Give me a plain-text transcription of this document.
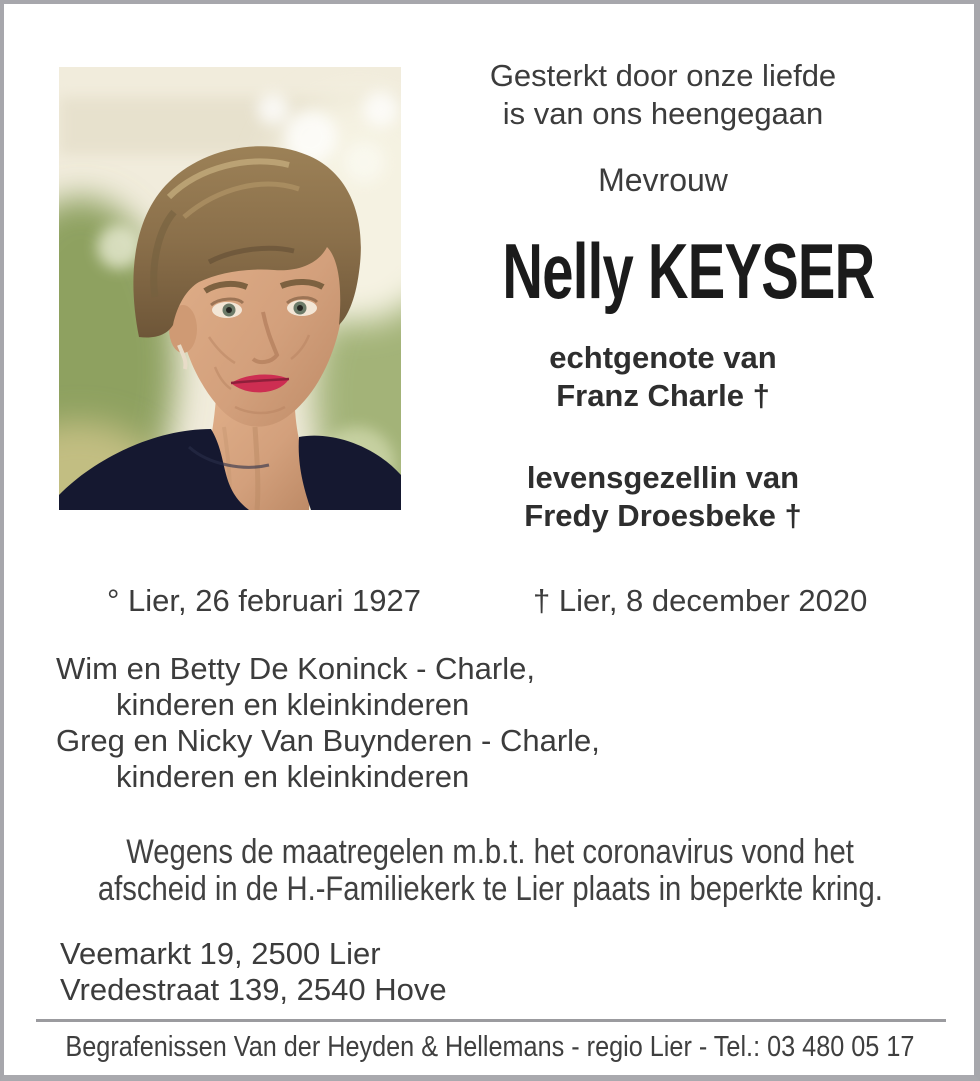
Gesterkt door onze liefde
is van ons heengegaan
Mevrouw
Nelly KEYSER
echtgenote van
Franz Charle †
levensgezellin van
Fredy Droesbeke †
° Lier, 26 februari 1927	† Lier, 8 december 2020
Wim en Betty De Koninck - Charle,
kinderen en kleinkinderen
Greg en Nicky Van Buynderen - Charle,
kinderen en kleinkinderen
Wegens de maatregelen m.b.t. het coronavirus vond het
afscheid in de H.-Familiekerk te Lier plaats in beperkte kring.
Veemarkt 19, 2500 Lier
Vredestraat 139, 2540 Hove
Begrafenissen Van der Heyden & Hellemans - regio Lier - Tel.: 03 480 05 17
